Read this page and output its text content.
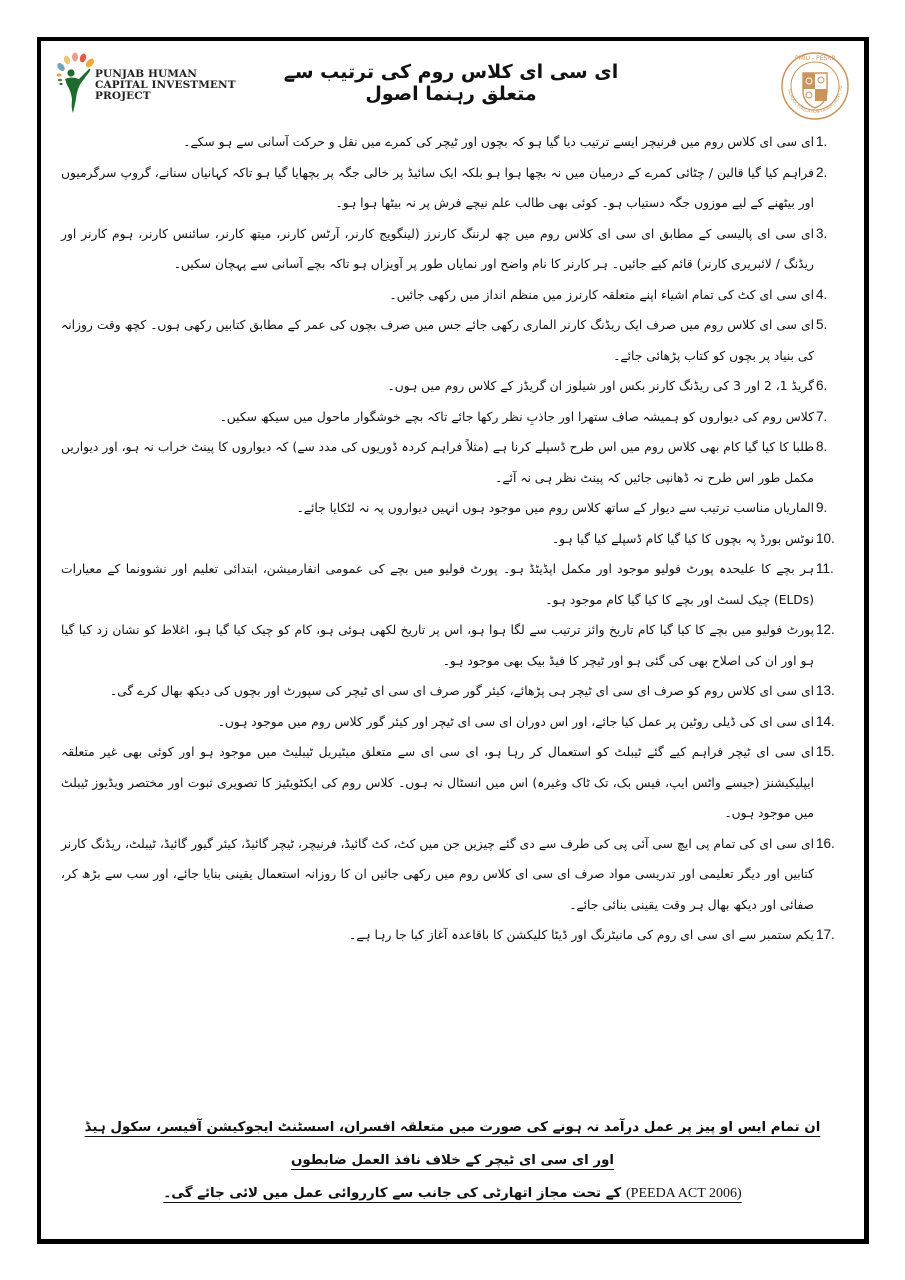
PUNJAB HUMAN
CAPITAL INVESTMENT
PROJECT
ای سی ای کلاس روم کی ترتیب سے متعلق رہنما اصول
PMIU - PESRP
SCHOOL EDUCATION DEPARTMENT, PU
1.
ای سی ای کلاس روم میں فرنیچر ایسے ترتیب دیا گیا ہو کہ بچوں اور ٹیچر کی کمرے میں نقل و حرکت آسانی سے ہو سکے۔
2.
فراہم کیا گیا قالین / چٹائی کمرے کے درمیان میں نہ بچھا ہوا ہو بلکہ ایک سائیڈ پر خالی جگہ پر بچھایا گیا ہو تاکہ کہانیاں سنانے، گروپ سرگرمیوں اور بیٹھنے کے لیے موزوں جگہ دستیاب ہو۔ کوئی بھی طالب علم نیچے فرش پر نہ بیٹھا ہوا ہو۔
3.
ای سی ای پالیسی کے مطابق ای سی ای کلاس روم میں چھ لرننگ کارنرز (لینگویج کارنر، آرٹس کارنر، میتھ کارنر، سائنس کارنر، ہوم کارنر اور ریڈنگ / لائبریری کارنر) قائم کیے جائیں۔ ہر کارنر کا نام واضح اور نمایاں طور پر آویزاں ہو تاکہ بچے آسانی سے پہچان سکیں۔
4.
ای سی ای کٹ کی تمام اشیاء اپنے متعلقہ کارنرز میں منظم انداز میں رکھی جائیں۔
5.
ای سی ای کلاس روم میں صرف ایک ریڈنگ کارنر الماری رکھی جائے جس میں صرف بچوں کی عمر کے مطابق کتابیں رکھی ہوں۔ کچھ وقت روزانہ کی بنیاد پر بچوں کو کتاب پڑھائی جائے۔
6.
گریڈ 1، 2 اور 3 کی ریڈنگ کارنر بکس اور شیلوز ان گریڈز کے کلاس روم میں ہوں۔
7.
کلاس روم کی دیواروں کو ہمیشہ صاف ستھرا اور جاذبِ نظر رکھا جائے تاکہ بچے خوشگوار ماحول میں سیکھ سکیں۔
8.
طلبا کا کیا گیا کام بھی کلاس روم میں اس طرح ڈسپلے کرنا ہے (مثلاً فراہم کردہ ڈوریوں کی مدد سے) کہ دیواروں کا پینٹ خراب نہ ہو، اور دیواریں مکمل طور اس طرح نہ ڈھانپی جائیں کہ پینٹ نظر ہی نہ آئے۔
9.
الماریاں مناسب ترتیب سے دیوار کے ساتھ کلاس روم میں موجود ہوں انہیں دیواروں پہ نہ لٹکایا جائے۔
10.
نوٹس بورڈ پہ بچوں کا کیا گیا کام ڈسپلے کیا گیا ہو۔
11.
ہر بچے کا علیحدہ پورٹ فولیو موجود اور مکمل اپڈیٹڈ ہو۔ پورٹ فولیو میں بچے کی عمومی انفارمیشن، ابتدائی تعلیم اور نشوونما کے معیارات (ELDs) چیک لسٹ اور بچے کا کیا گیا کام موجود ہو۔
12.
پورٹ فولیو میں بچے کا کیا گیا کام تاریخ وائز ترتیب سے لگا ہوا ہو، اس پر تاریخ لکھی ہوئی ہو، کام کو چیک کیا گیا ہو، اغلاط کو نشان زد کیا گیا ہو اور ان کی اصلاح بھی کی گئی ہو اور ٹیچر کا فیڈ بیک بھی موجود ہو۔
13.
ای سی ای کلاس روم کو صرف ای سی ای ٹیچر ہی پڑھائے، کیئر گور صرف ای سی ای ٹیچر کی سپورٹ اور بچوں کی دیکھ بھال کرے گی۔
14.
ای سی ای کی ڈیلی روٹین پر عمل کیا جائے، اور اس دوران ای سی ای ٹیچر اور کیئر گور کلاس روم میں موجود ہوں۔
15.
ای سی ای ٹیچر فراہم کیے گئے ٹیبلٹ کو استعمال کر رہا ہو، ای سی ای سے متعلق میٹیریل ٹیبلیٹ میں موجود ہو اور کوئی بھی غیر متعلقہ ایپلیکیشنز (جیسے واٹس ایپ، فیس بک، تک ٹاک وغیرہ) اس میں انسٹال نہ ہوں۔ کلاس روم کی ایکٹویٹیز کا تصویری ثبوت اور مختصر ویڈیوز ٹیبلٹ میں موجود ہوں۔
16.
ای سی ای کی تمام پی ایچ سی آئی پی کی طرف سے دی گئے چیزیں جن میں کٹ، کٹ گائیڈ، فرنیچر، ٹیچر گائیڈ، کیئر گیور گائیڈ، ٹیبلٹ، ریڈنگ کارنر کتابیں اور دیگر تعلیمی اور تدریسی مواد صرف ای سی ای کلاس روم میں رکھی جائیں ان کا روزانہ استعمال یقینی بنایا جائے، اور سب سے بڑھ کر، صفائی اور دیکھ بھال ہر وقت یقینی بنائی جائے۔
17.
یکم ستمبر سے ای سی ای روم کی مانیٹرنگ اور ڈیٹا کلیکشن کا باقاعدہ آغاز کیا جا رہا ہے۔
ان تمام ایس او پیز پر عمل درآمد نہ ہونے کی صورت میں متعلقہ افسران، اسسٹنٹ ایجوکیشن آفیسر، سکول ہیڈ اور ای سی ای ٹیچر کے خلاف نافذ العمل ضابطوں
(PEEDA ACT 2006) کے تحت مجاز اتھارٹی کی جانب سے کارروائی عمل میں لائی جائے گی۔
